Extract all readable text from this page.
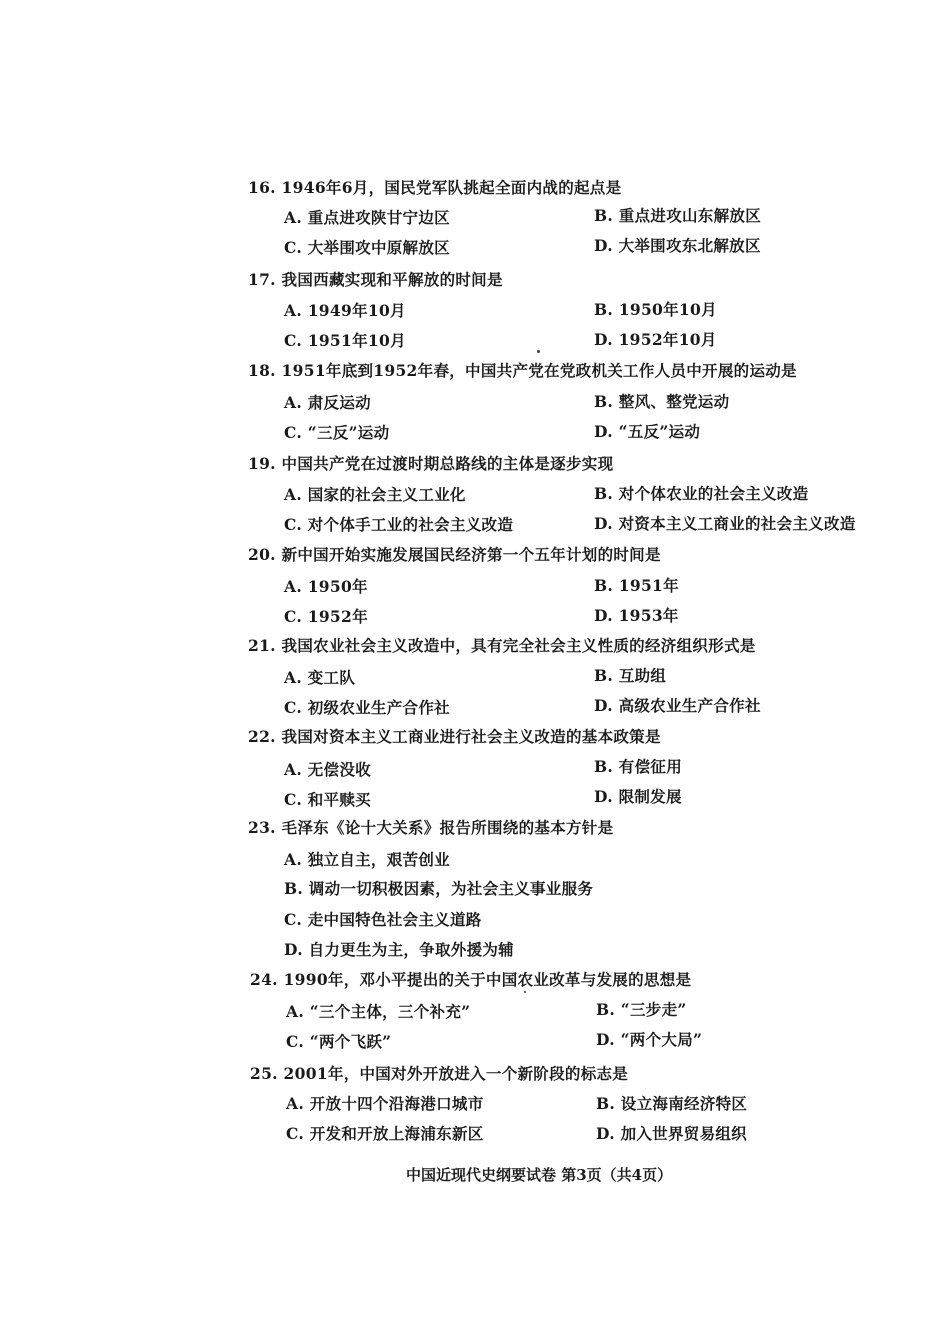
16. 1946年6月，国民党军队挑起全面内战的起点是
A. 重点进攻陕甘宁边区	B. 重点进攻山东解放区
C. 大举围攻中原解放区	D. 大举围攻东北解放区
17. 我国西藏实现和平解放的时间是
A. 1949年10月	B. 1950年10月
C. 1951年10月	D. 1952年10月
18. 1951年底到1952年春，中国共产党在党政机关工作人员中开展的运动是
A. 肃反运动	B. 整风、整党运动
C. “三反”运动	D. “五反”运动
19. 中国共产党在过渡时期总路线的主体是逐步实现
A. 国家的社会主义工业化	B. 对个体农业的社会主义改造
C. 对个体手工业的社会主义改造	D. 对资本主义工商业的社会主义改造
20. 新中国开始实施发展国民经济第一个五年计划的时间是
A. 1950年	B. 1951年
C. 1952年	D. 1953年
21. 我国农业社会主义改造中，具有完全社会主义性质的经济组织形式是
A. 变工队	B. 互助组
C. 初级农业生产合作社	D. 高级农业生产合作社
22. 我国对资本主义工商业进行社会主义改造的基本政策是
A. 无偿没收	B. 有偿征用
C. 和平赎买	D. 限制发展
23. 毛泽东《论十大关系》报告所围绕的基本方针是
A. 独立自主，艰苦创业
B. 调动一切积极因素，为社会主义事业服务
C. 走中国特色社会主义道路
D. 自力更生为主，争取外援为辅
24. 1990年，邓小平提出的关于中国农业改革与发展的思想是
A. “三个主体，三个补充”	B. “三步走”
C. “两个飞跃”	D. “两个大局”
25. 2001年，中国对外开放进入一个新阶段的标志是
A. 开放十四个沿海港口城市	B. 设立海南经济特区
C. 开发和开放上海浦东新区	D. 加入世界贸易组织
中国近现代史纲要试卷 第3页（共4页）
